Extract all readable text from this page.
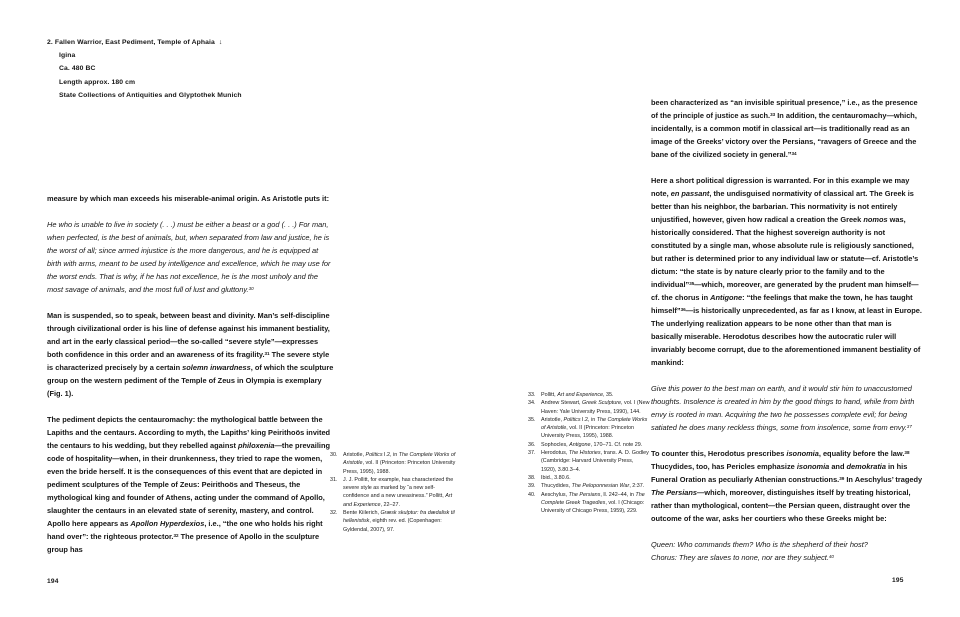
2. Fallen Warrior, East Pediment, Temple of Aphaia ↓
Igina
Ca. 480 BC
Length approx. 180 cm
State Collections of Antiquities and Glyptothek Munich

measure by which man exceeds his miserable-animal origin. As Aristotle puts it:

He who is unable to live in society (. . .) must be either a beast or a god (. . .) For man, when perfected, is the best of animals, but, when separated from law and justice, he is the worst of all; since armed injustice is the more dangerous, and he is equipped at birth with arms, meant to be used by intelligence and excellence, which he may use for the worst ends. That is why, if he has not excellence, he is the most unholy and the most savage of animals, and the most full of lust and gluttony.$^{30}$

Man is suspended, so to speak, between beast and divinity. Man’s self-discipline through civilizational order is his line of defense against his immanent bestiality, and art in the early classical period—the so-called “severe style”—expresses both confidence in this order and an awareness of its fragility.$^{31}$ The severe style is characterized precisely by a certain solemn inwardness, of which the sculpture group on the western pediment of the Temple of Zeus in Olympia is exemplary (Fig. 1).

The pediment depicts the centauromachy: the mythological battle between the Lapiths and the centaurs. According to myth, the Lapiths’ king Peirithoös invited the centaurs to his wedding, but they rebelled against philoxenia—the prevailing code of hospitality—when, in their drunkenness, they tried to rape the women, even the bride herself. It is the consequences of this event that are depicted in pediment sculptures of the Temple of Zeus: Peirithoös and Theseus, the mythological king and founder of Athens, acting under the command of Apollo, slaughter the centaurs in an elevated state of serenity, mastery, and control. Apollo here appears as Apollon Hyperdexios, i.e., “the one who holds his right hand over”: the righteous protector.$^{32}$ The presence of Apollo in the sculpture group has

30.	Aristotle, Politics I.2, in The Complete Works of Aristotle, vol. II (Princeton: Princeton University Press, 1995), 1988.
31.	J. J. Pollitt, for example, has characterized the severe style as marked by “a new self-confidence and a new uneasiness.” Pollitt, Art and Experience, 22–27.
32.	Bente Kiilerich, Græsk skulptur: fra dædalisk til hellenistisk, eighth rev. ed. (Copenhagen: Gyldendal, 2007), 97.
194

been characterized as “an invisible spiritual presence,” i.e., as the presence of the principle of justice as such.$^{33}$ In addition, the centauromachy—which, incidentally, is a common motif in classical art—is traditionally read as an image of the Greeks’ victory over the Persians, “ravagers of Greece and the bane of the civilized society in general.”$^{34}$

Here a short political digression is warranted. For in this example we may note, en passant, the undisguised normativity of classical art. The Greek is better than his neighbor, the barbarian. This normativity is not entirely unjustified, however, given how radical a creation the Greek nomos was, historically considered. That the highest sovereign authority is not constituted by a single man, whose absolute rule is religiously sanctioned, but rather is determined prior to any individual law or statute—cf. Aristotle’s dictum: “the state is by nature clearly prior to the family and to the individual”$^{35}$—which, moreover, are generated by the prudent man himself—cf. the chorus in Antigone: “the feelings that make the town, he has taught himself”$^{36}$—is historically unprecedented, as far as I know, at least in Europe. The underlying realization appears to be none other than that man is basically miserable. Herodotus describes how the autocratic ruler will invariably become corrupt, due to the aforementioned immanent bestiality of mankind:

Give this power to the best man on earth, and it would stir him to unaccustomed thoughts. Insolence is created in him by the good things to hand, while from birth envy is rooted in man. Acquiring the two he possesses complete evil; for being satiated he does many reckless things, some from insolence, some from envy.$^{37}$

To counter this, Herodotus prescribes isonomia, equality before the law.$^{38}$ Thucydides, too, has Pericles emphasize isonomia and demokratia in his Funeral Oration as peculiarly Athenian constructions.$^{39}$ In Aeschylus’ tragedy The Persians—which, moreover, distinguishes itself by treating historical, rather than mythological, content—the Persian queen, distraught over the outcome of the war, asks her courtiers who these Greeks might be:

Queen: Who commands them? Who is the shepherd of their host?
Chorus: They are slaves to none, nor are they subject.$^{40}$

33.	Pollitt, Art and Experience, 35.
34.	Andrew Stewart, Greek Sculpture, vol. I (New Haven: Yale University Press, 1990), 144.
35.	Aristotle, Politics I.2, in The Complete Works of Aristotle, vol. II (Princeton: Princeton University Press, 1995), 1988.
36.	Sophocles, Antigone, 170–71. Cf. note 29.
37.	Herodotus, The Histories, trans. A. D. Godley (Cambridge: Harvard University Press, 1920), 3.80.3–4.
38.	Ibid., 3.80.6.
39.	Thucydides, The Peloponnesian War, 2:37.
40.	Aeschylus, The Persians, ll. 242–44, in The Complete Greek Tragedies, vol. I (Chicago: University of Chicago Press, 1959), 229.
195
